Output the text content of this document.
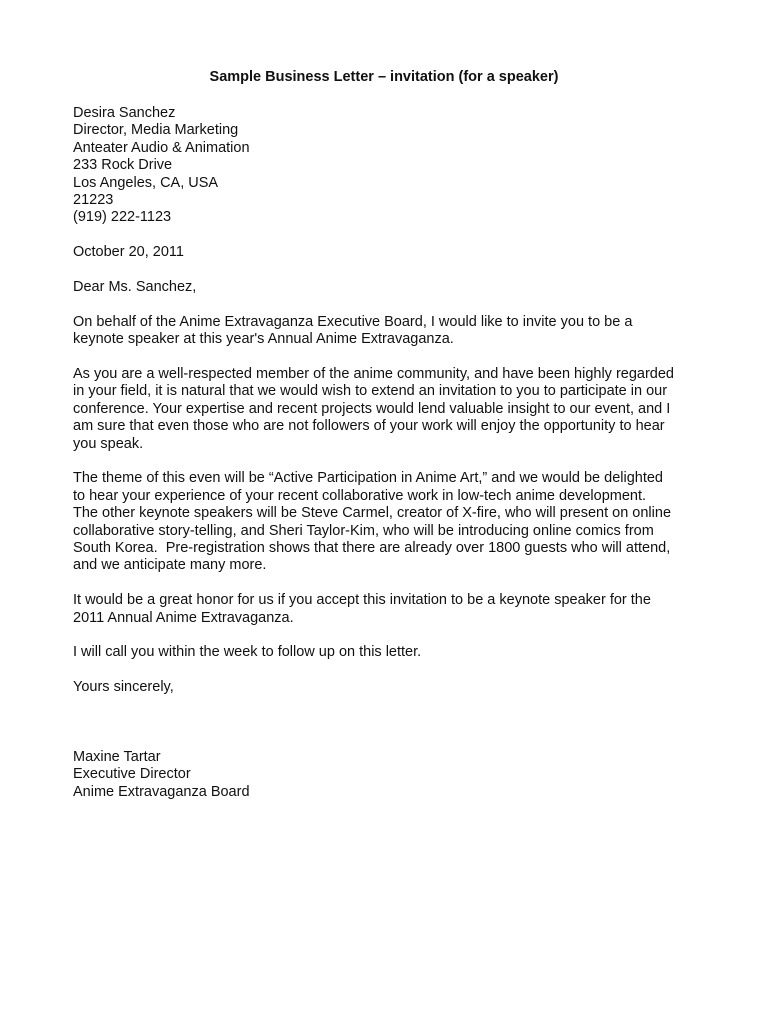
Sample Business Letter – invitation (for a speaker)
Desira Sanchez
Director, Media Marketing
Anteater Audio & Animation
233 Rock Drive
Los Angeles, CA, USA
21223
(919) 222-1123
October 20, 2011
Dear Ms. Sanchez,
On behalf of the Anime Extravaganza Executive Board, I would like to invite you to be a
keynote speaker at this year's Annual Anime Extravaganza.
As you are a well-respected member of the anime community, and have been highly regarded
in your field, it is natural that we would wish to extend an invitation to you to participate in our
conference. Your expertise and recent projects would lend valuable insight to our event, and I
am sure that even those who are not followers of your work will enjoy the opportunity to hear
you speak.
The theme of this even will be “Active Participation in Anime Art,” and we would be delighted
to hear your experience of your recent collaborative work in low-tech anime development.
The other keynote speakers will be Steve Carmel, creator of X-fire, who will present on online
collaborative story-telling, and Sheri Taylor-Kim, who will be introducing online comics from
South Korea.  Pre-registration shows that there are already over 1800 guests who will attend,
and we anticipate many more.
It would be a great honor for us if you accept this invitation to be a keynote speaker for the
2011 Annual Anime Extravaganza.
I will call you within the week to follow up on this letter.
Yours sincerely,
Maxine Tartar
Executive Director
Anime Extravaganza Board
